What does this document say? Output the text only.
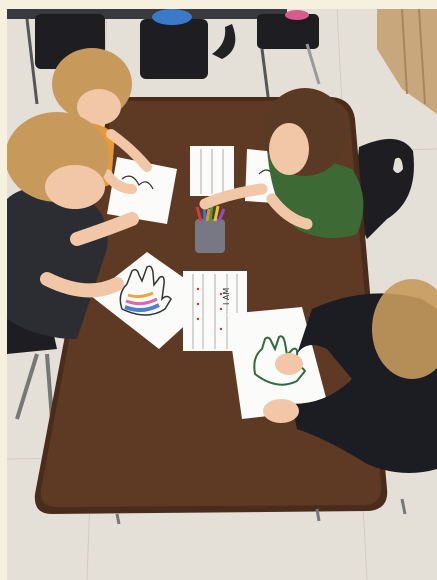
I AM
